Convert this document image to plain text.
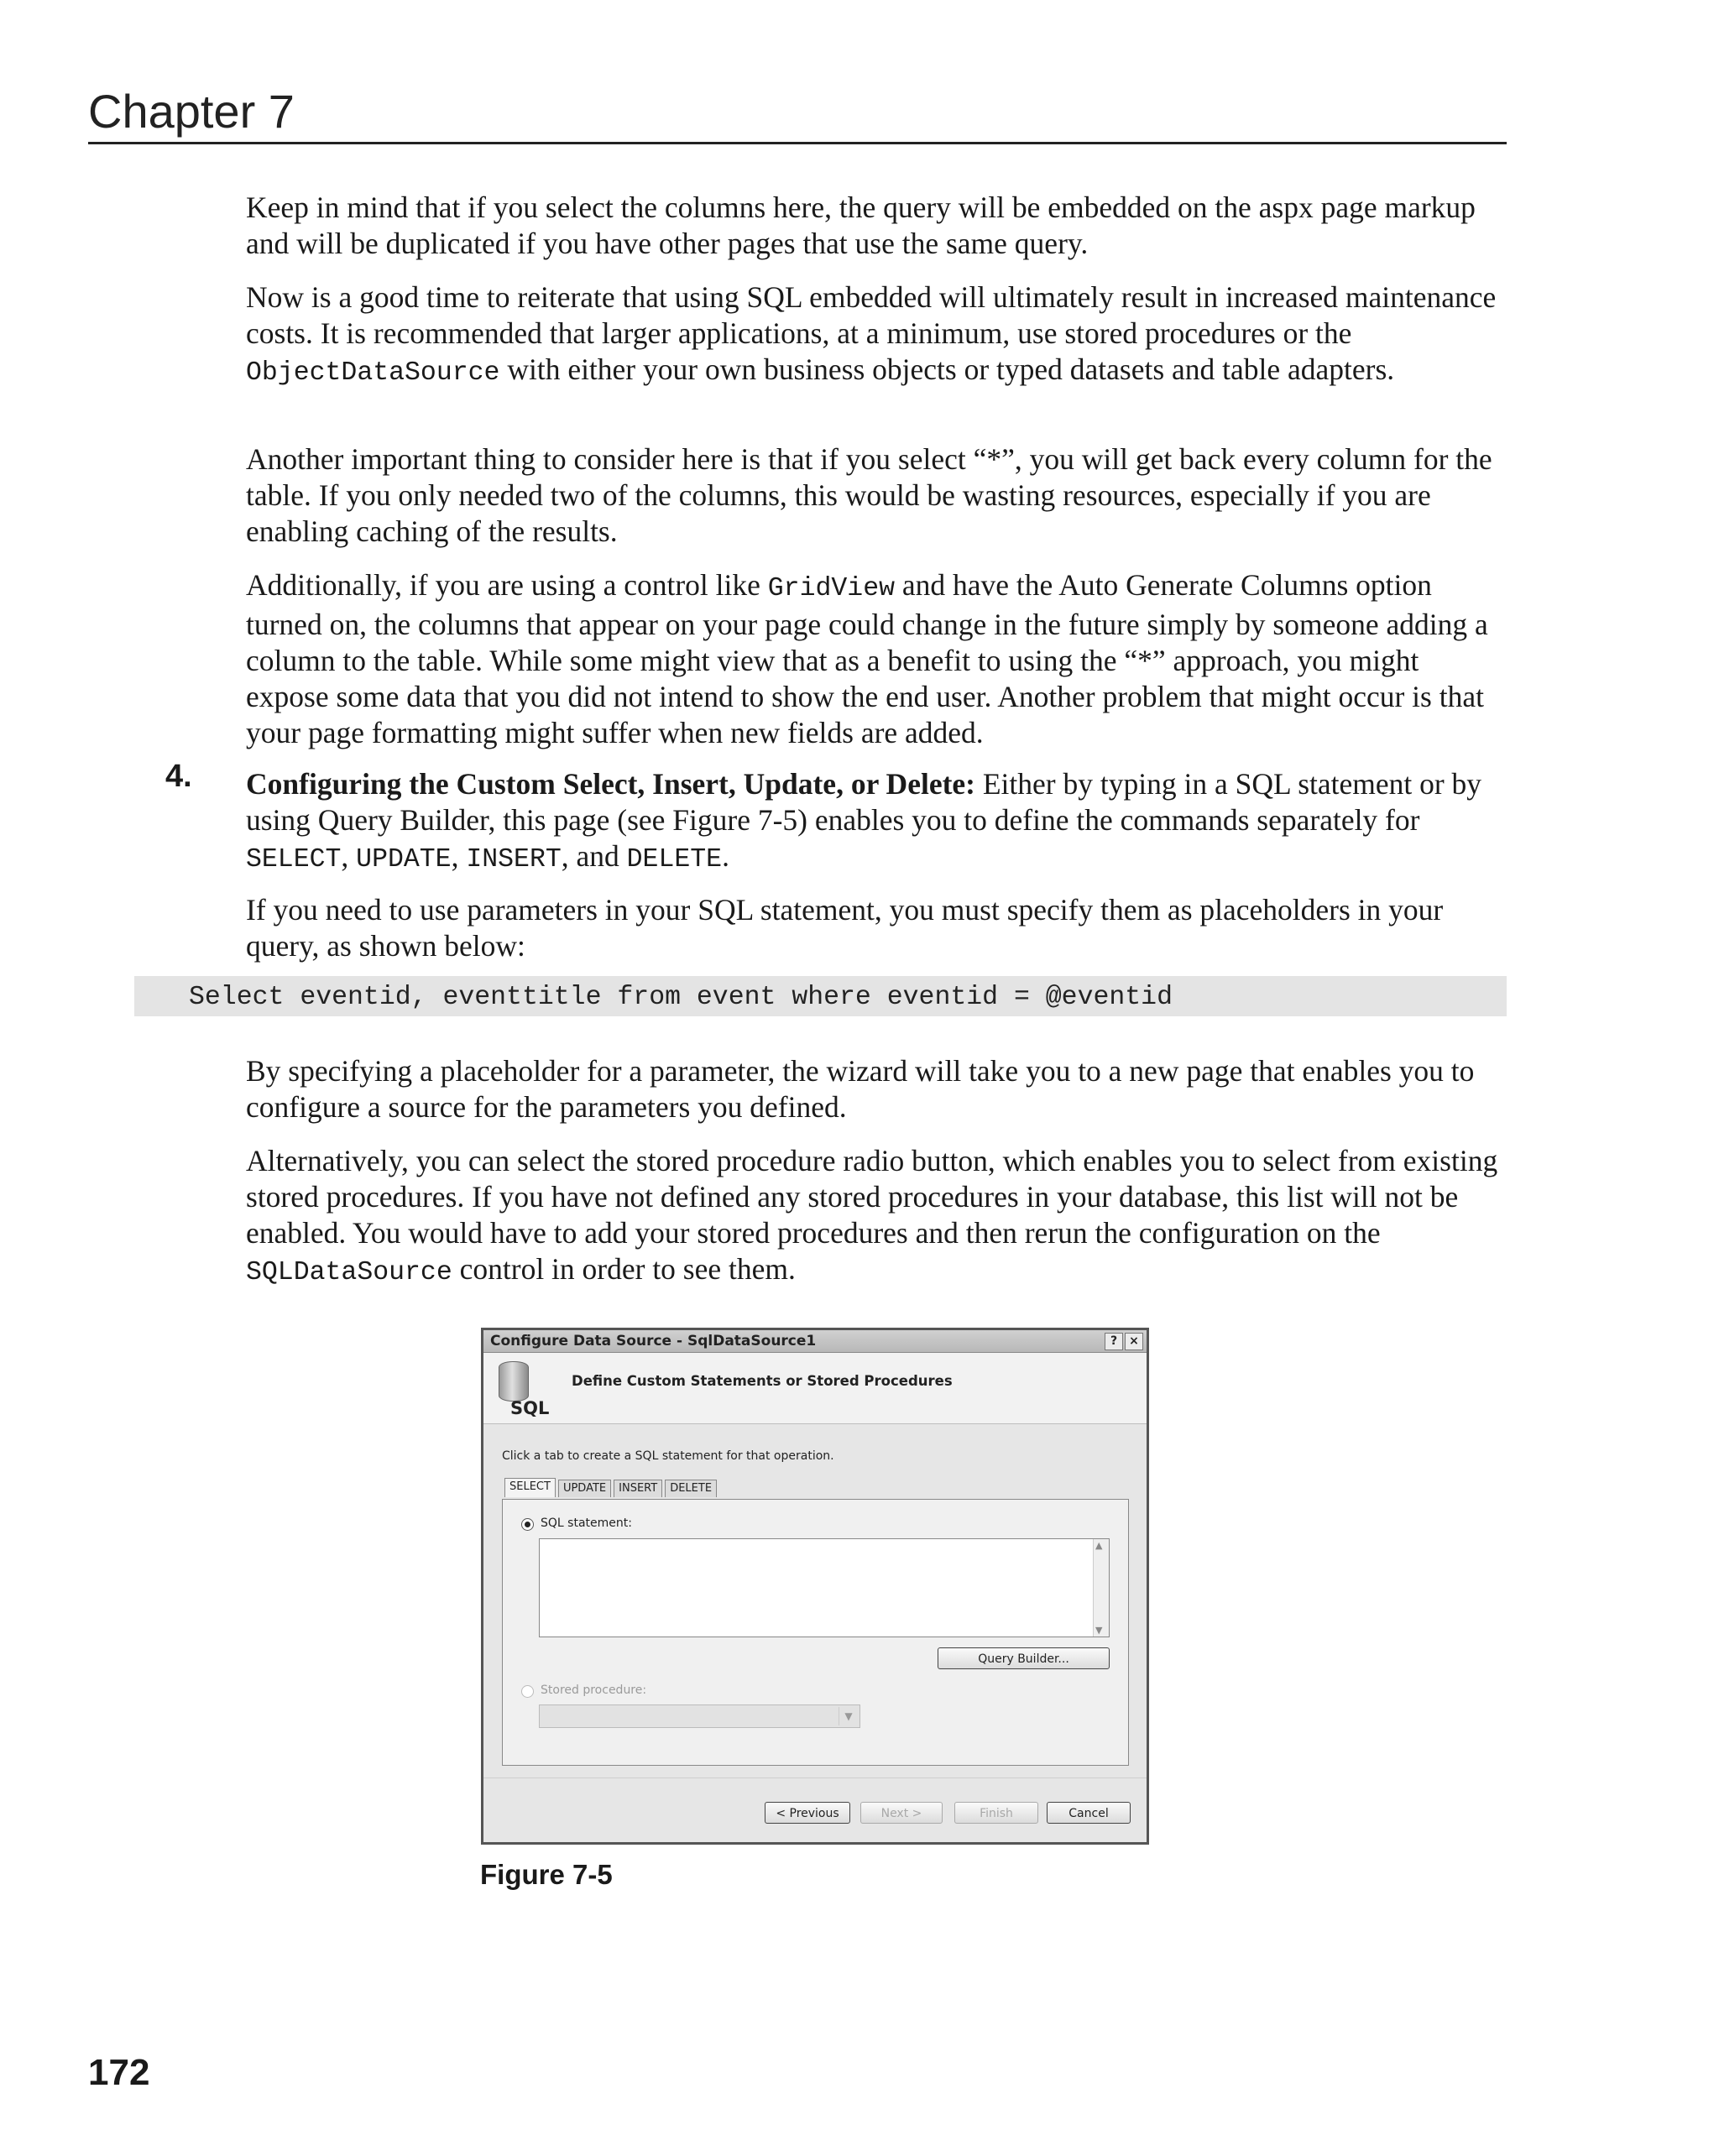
Chapter 7

Keep in mind that if you select the columns here, the query will be embedded on the aspx page markup and will be duplicated if you have other pages that use the same query.

Now is a good time to reiterate that using SQL embedded will ultimately result in increased maintenance costs. It is recommended that larger applications, at a minimum, use stored procedures or the ObjectDataSource with either your own business objects or typed datasets and table adapters.

Another important thing to consider here is that if you select “*”, you will get back every column for the table. If you only needed two of the columns, this would be wasting resources, especially if you are enabling caching of the results.

Additionally, if you are using a control like GridView and have the Auto Generate Columns option turned on, the columns that appear on your page could change in the future simply by someone adding a column to the table. While some might view that as a benefit to using the “*” approach, you might expose some data that you did not intend to show the end user. Another problem that might occur is that your page formatting might suffer when new fields are added.

4. Configuring the Custom Select, Insert, Update, or Delete: Either by typing in a SQL statement or by using Query Builder, this page (see Figure 7-5) enables you to define the commands separately for SELECT, UPDATE, INSERT, and DELETE.

If you need to use parameters in your SQL statement, you must specify them as placeholders in your query, as shown below:

Select eventid, eventtitle from event where eventid = @eventid

By specifying a placeholder for a parameter, the wizard will take you to a new page that enables you to configure a source for the parameters you defined.

Alternatively, you can select the stored procedure radio button, which enables you to select from existing stored procedures. If you have not defined any stored procedures in your database, this list will not be enabled. You would have to add your stored procedures and then rerun the configuration on the SQLDataSource control in order to see them.

Configure Data Source - SqlDataSource1	?	×
SQL
Define Custom Statements or Stored Procedures
Click a tab to create a SQL statement for that operation.
SELECT	UPDATE	INSERT	DELETE
SQL statement:
▲
▼
Query Builder...
Stored procedure:
▼
< Previous	Next >	Finish	Cancel
Figure 7-5
172
